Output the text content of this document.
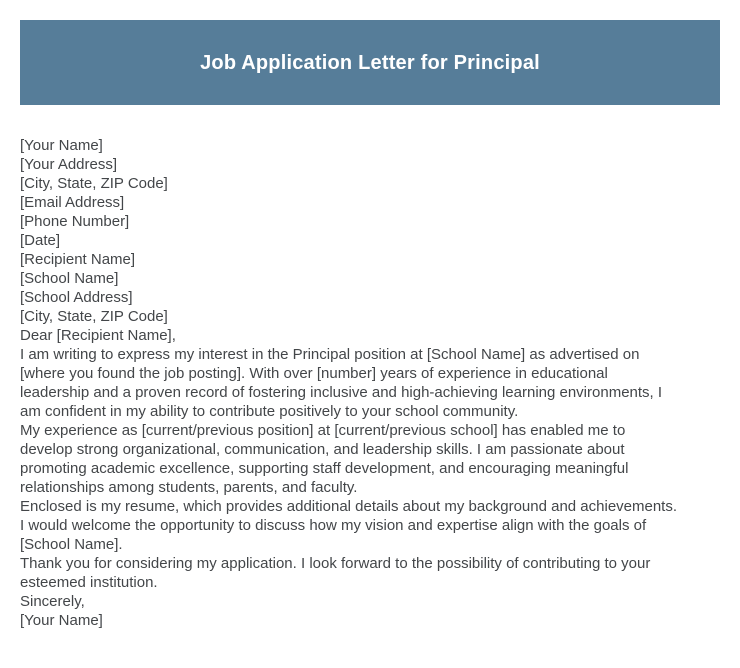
Job Application Letter for Principal
[Your Name]
[Your Address]
[City, State, ZIP Code]
[Email Address]
[Phone Number]
[Date]
[Recipient Name]
[School Name]
[School Address]
[City, State, ZIP Code]
Dear [Recipient Name],
I am writing to express my interest in the Principal position at [School Name] as advertised on
[where you found the job posting]. With over [number] years of experience in educational
leadership and a proven record of fostering inclusive and high-achieving learning environments, I
am confident in my ability to contribute positively to your school community.
My experience as [current/previous position] at [current/previous school] has enabled me to
develop strong organizational, communication, and leadership skills. I am passionate about
promoting academic excellence, supporting staff development, and encouraging meaningful
relationships among students, parents, and faculty.
Enclosed is my resume, which provides additional details about my background and achievements.
I would welcome the opportunity to discuss how my vision and expertise align with the goals of
[School Name].
Thank you for considering my application. I look forward to the possibility of contributing to your
esteemed institution.
Sincerely,
[Your Name]
